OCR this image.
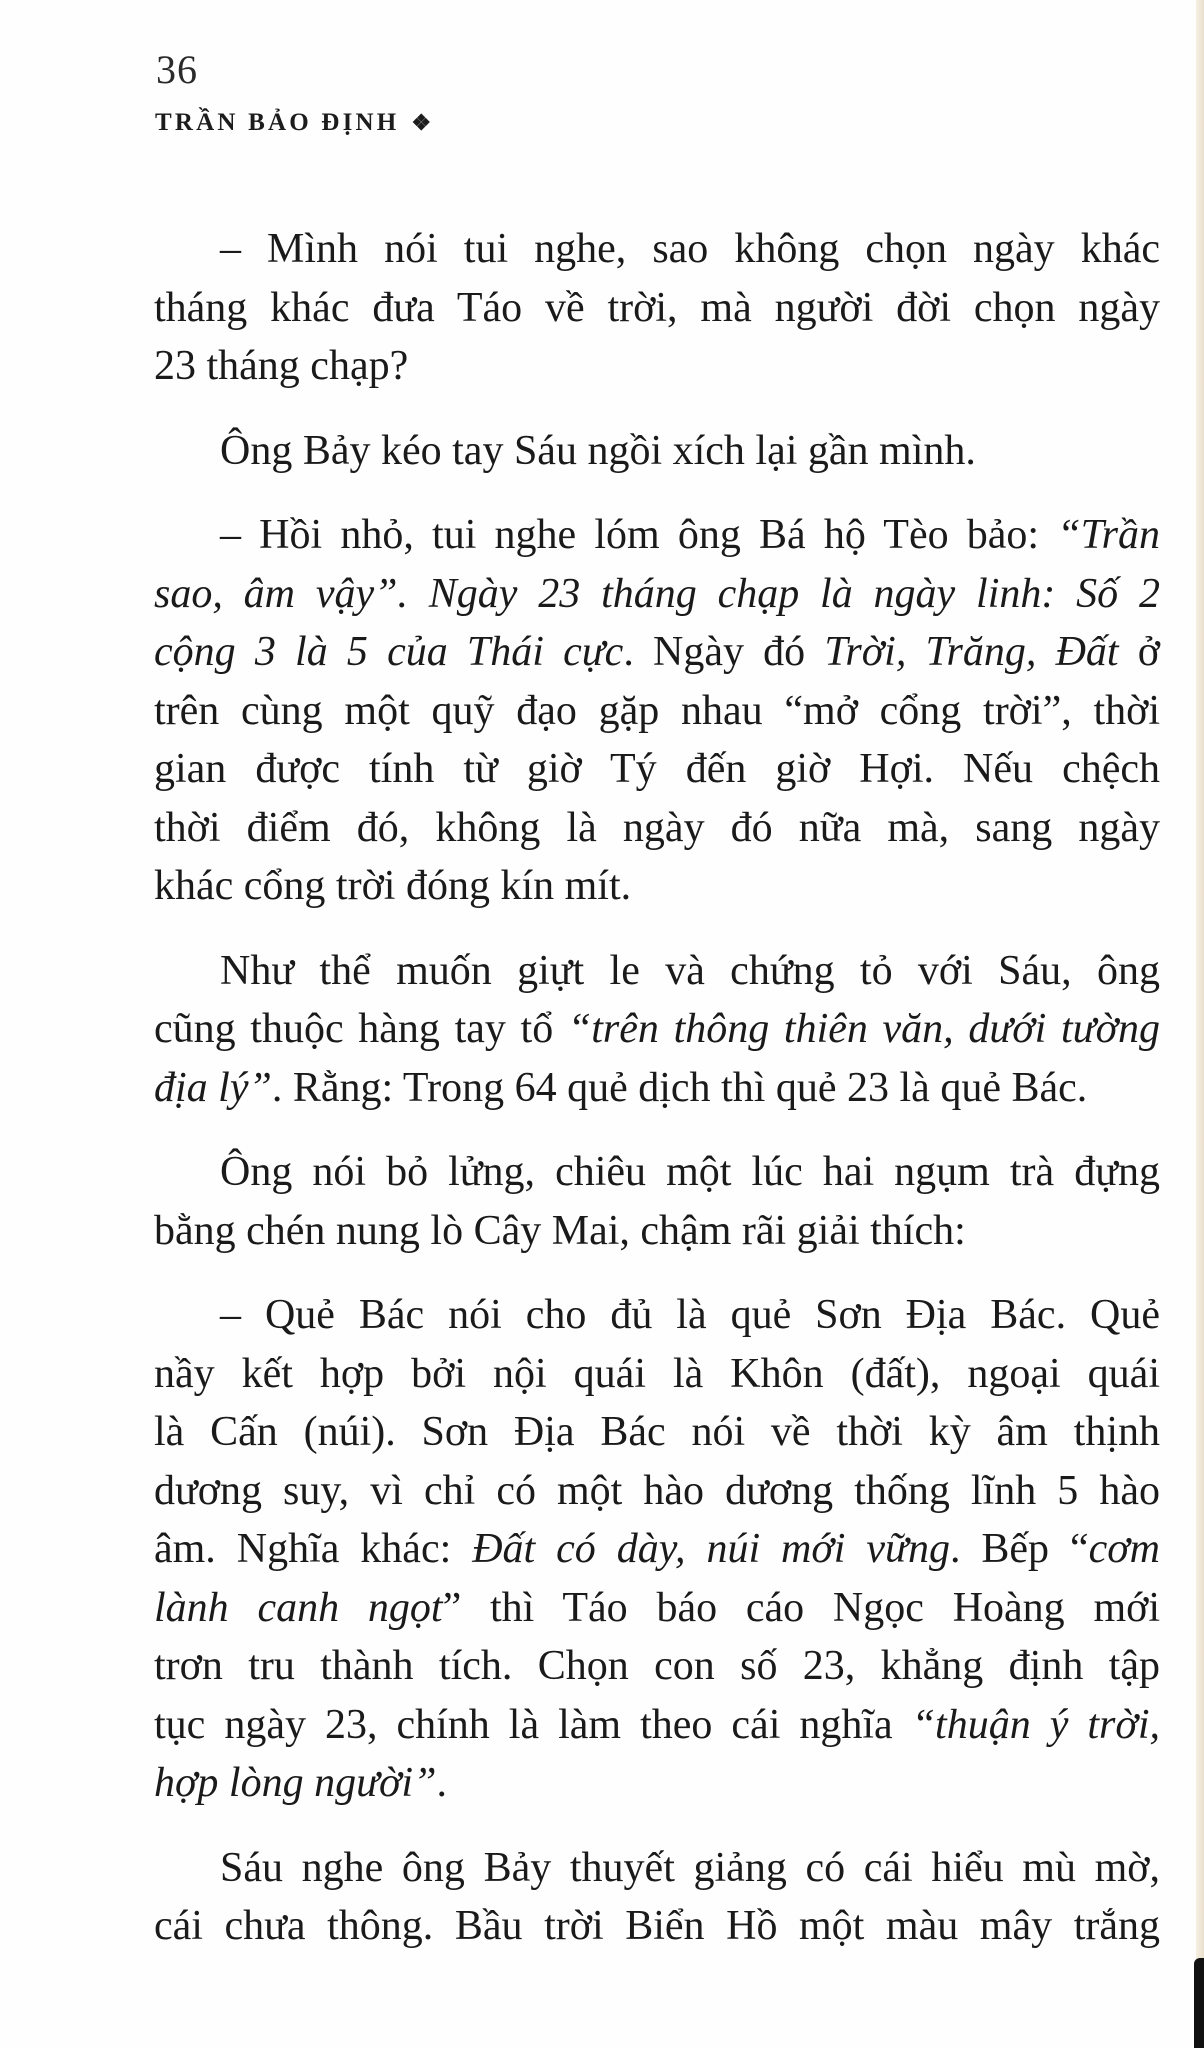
36
TRẦN BẢO ĐỊNH ❖
– Mình nói tui nghe, sao không chọn ngày khác
tháng khác đưa Táo về trời, mà người đời chọn ngày
23 tháng chạp?
Ông Bảy kéo tay Sáu ngồi xích lại gần mình.
– Hồi nhỏ, tui nghe lóm ông Bá hộ Tèo bảo: “Trần
sao, âm vậy”. Ngày 23 tháng chạp là ngày linh: Số 2
cộng 3 là 5 của Thái cực. Ngày đó Trời, Trăng, Đất ở
trên cùng một quỹ đạo gặp nhau “mở cổng trời”, thời
gian được tính từ giờ Tý đến giờ Hợi. Nếu chệch
thời điểm đó, không là ngày đó nữa mà, sang ngày
khác cổng trời đóng kín mít.
Như thể muốn giựt le và chứng tỏ với Sáu, ông
cũng thuộc hàng tay tổ “trên thông thiên văn, dưới tường
địa lý”. Rằng: Trong 64 quẻ dịch thì quẻ 23 là quẻ Bác.
Ông nói bỏ lửng, chiêu một lúc hai ngụm trà đựng
bằng chén nung lò Cây Mai, chậm rãi giải thích:
– Quẻ Bác nói cho đủ là quẻ Sơn Địa Bác. Quẻ
nầy kết hợp bởi nội quái là Khôn (đất), ngoại quái
là Cấn (núi). Sơn Địa Bác nói về thời kỳ âm thịnh
dương suy, vì chỉ có một hào dương thống lĩnh 5 hào
âm. Nghĩa khác: Đất có dày, núi mới vững. Bếp “cơm
lành canh ngọt” thì Táo báo cáo Ngọc Hoàng mới
trơn tru thành tích. Chọn con số 23, khẳng định tập
tục ngày 23, chính là làm theo cái nghĩa “thuận ý trời,
hợp lòng người”.
Sáu nghe ông Bảy thuyết giảng có cái hiểu mù mờ,
cái chưa thông. Bầu trời Biển Hồ một màu mây trắng
